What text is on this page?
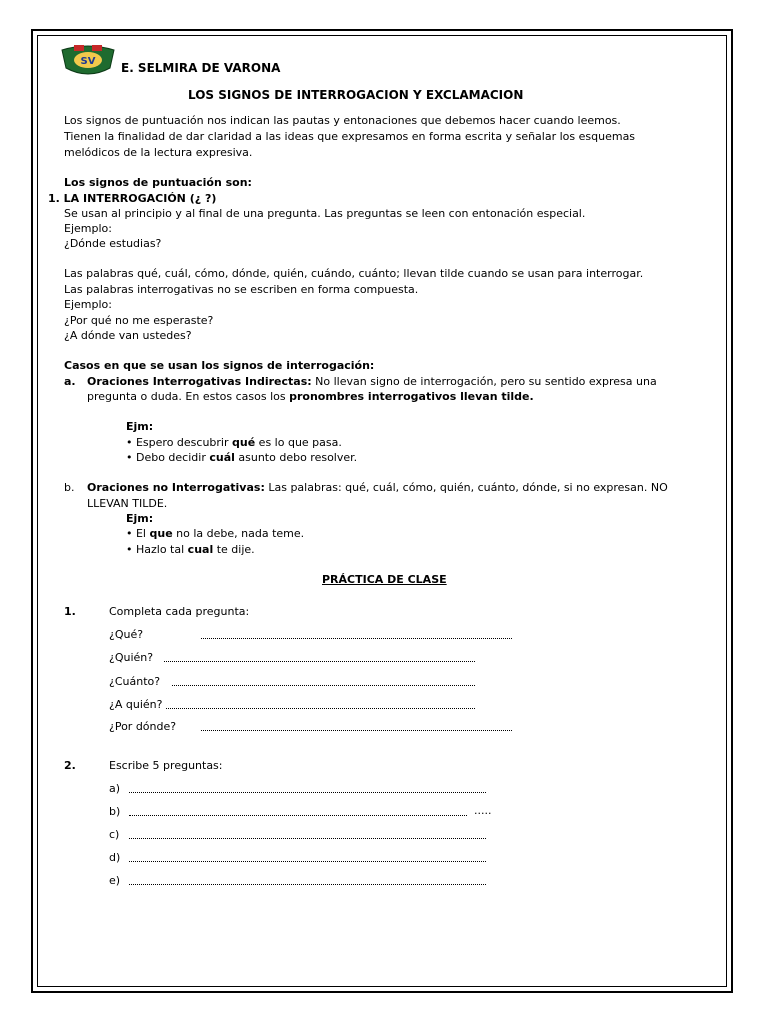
SV E. SELMIRA DE VARONA
LOS SIGNOS DE INTERROGACION Y EXCLAMACION
Los signos de puntuación nos indican las pautas y entonaciones que debemos hacer cuando leemos.
Tienen la finalidad de dar claridad a las ideas que expresamos en forma escrita y señalar los esquemas
melódicos de la lectura expresiva.
Los signos de puntuación son:
1. LA INTERROGACIÓN (¿ ?)
Se usan al principio y al final de una pregunta. Las preguntas se leen con entonación especial.
Ejemplo:
¿Dónde estudias?
Las palabras qué, cuál, cómo, dónde, quién, cuándo, cuánto; llevan tilde cuando se usan para interrogar.
Las palabras interrogativas no se escriben en forma compuesta.
Ejemplo:
¿Por qué no me esperaste?
¿A dónde van ustedes?
Casos en que se usan los signos de interrogación:
a. Oraciones Interrogativas Indirectas: No llevan signo de interrogación, pero su sentido expresa una
pregunta o duda. En estos casos los pronombres interrogativos llevan tilde.
Ejm:
• Espero descubrir qué es lo que pasa.
• Debo decidir cuál asunto debo resolver.
b. Oraciones no Interrogativas: Las palabras: qué, cuál, cómo, quién, cuánto, dónde, si no expresan. NO
LLEVAN TILDE.
Ejm:
• El que no la debe, nada teme.
• Hazlo tal cual te dije.
PRÁCTICA DE CLASE
1.	Completa cada pregunta:
¿Qué?
¿Quién?
¿Cuánto?
¿A quién?
¿Por dónde?
2.	Escribe 5 preguntas:
a)
b)	.....
c)
d)
e)
